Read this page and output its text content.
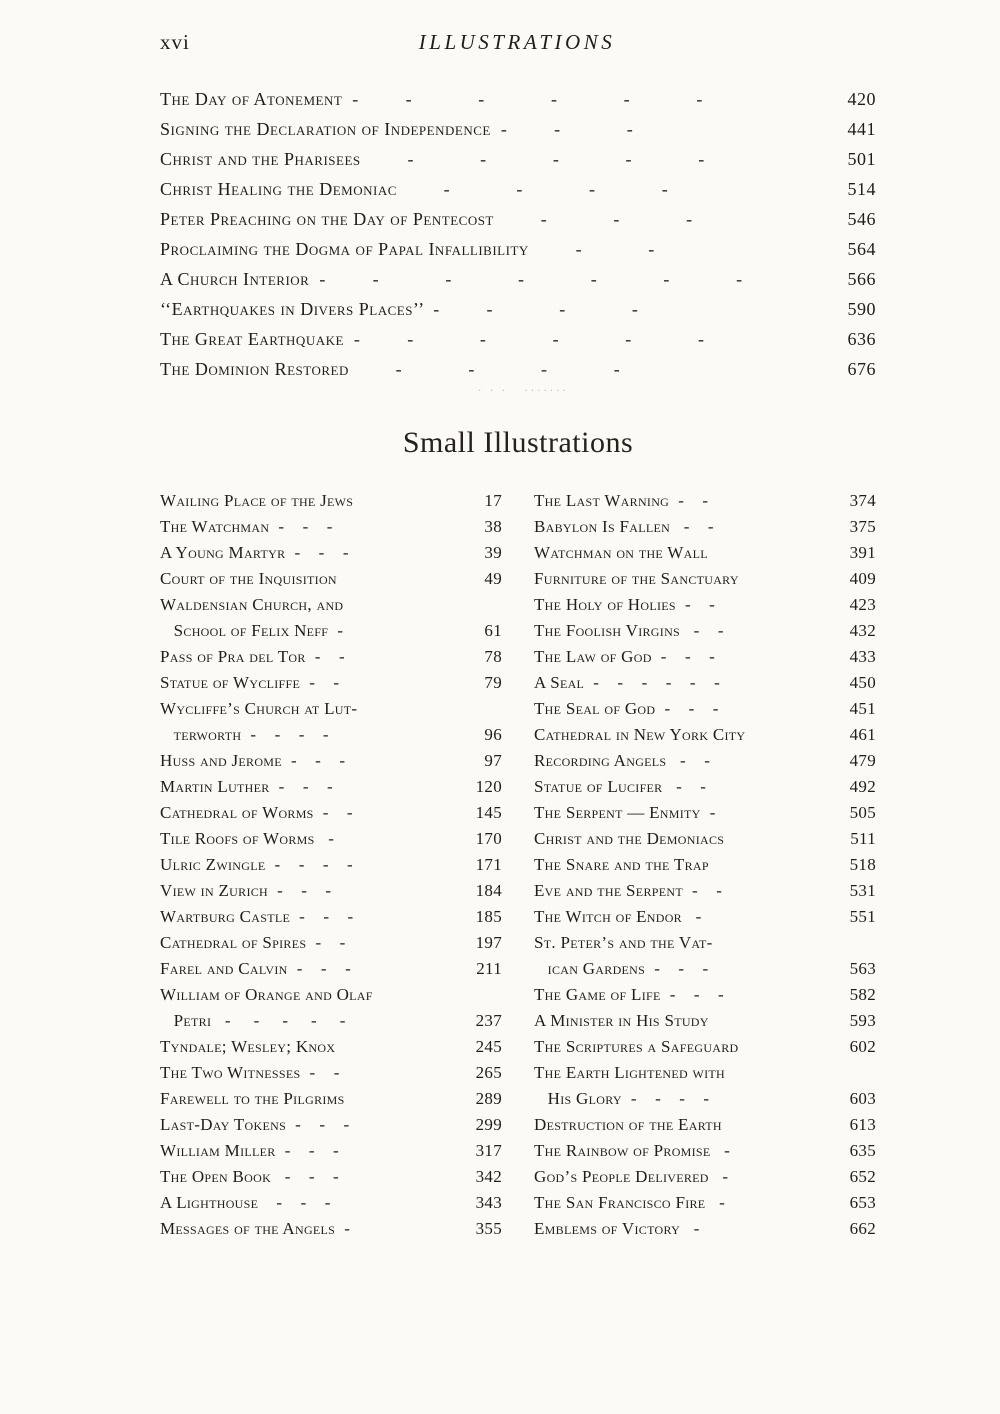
xvi	ILLUSTRATIONS
· · ·   ·······
The Day of Atonement  -	- - - - -	420
Signing the Declaration of Independence  -	- -	441
Christ and the Pharisees	- - - - -	501
Christ Healing the Demoniac	- - - -	514
Peter Preaching on the Day of Pentecost	- - -	546
Proclaiming the Dogma of Papal Infallibility	- -	564
A Church Interior  -	- - - - - -	566
‘‘Earthquakes in Divers Places’’  -	- - -	590
The Great Earthquake  -	- - - - -	636
The Dominion Restored	- - - -	676
Small Illustrations
Wailing Place of the Jews	17
The Watchman  -    -    -	38
A Young Martyr  -    -    -	39
Court of the Inquisition	49
Waldensian Church, and
School of Felix Neff  -	61
Pass of Pra del Tor  -    -	78
Statue of Wycliffe  -    -	79
Wycliffe’s Church at Lut-
terworth  -    -    -    -	96
Huss and Jerome  -    -    -	97
Martin Luther  -    -    -	120
Cathedral of Worms  -    -	145
Tile Roofs of Worms   -	170
Ulric Zwingle  -    -    -    -	171
View in Zurich  -    -    -	184
Wartburg Castle  -    -    -	185
Cathedral of Spires  -    -	197
Farel and Calvin  -    -    -	211
William of Orange and Olaf
Petri   -     -     -     -     -	237
Tyndale; Wesley; Knox	245
The Two Witnesses  -    -	265
Farewell to the Pilgrims	289
Last-Day Tokens  -    -    -	299
William Miller  -    -    -	317
The Open Book   -    -    -	342
A Lighthouse    -    -    -	343
Messages of the Angels  -	355
The Last Warning  -    -	374
Babylon Is Fallen   -    -	375
Watchman on the Wall	391
Furniture of the Sanctuary	409
The Holy of Holies  -    -	423
The Foolish Virgins   -    -	432
The Law of God  -    -    -	433
A Seal  -    -    -    -    -    -	450
The Seal of God  -    -    -	451
Cathedral in New York City	461
Recording Angels   -    -	479
Statue of Lucifer   -    -	492
The Serpent — Enmity  -	505
Christ and the Demoniacs	511
The Snare and the Trap	518
Eve and the Serpent  -    -	531
The Witch of Endor   -	551
St. Peter’s and the Vat-
ican Gardens  -    -    -	563
The Game of Life  -    -    -	582
A Minister in His Study	593
The Scriptures a Safeguard	602
The Earth Lightened with
His Glory  -    -    -    -	603
Destruction of the Earth	613
The Rainbow of Promise   -	635
God’s People Delivered   -	652
The San Francisco Fire   -	653
Emblems of Victory   -	662
